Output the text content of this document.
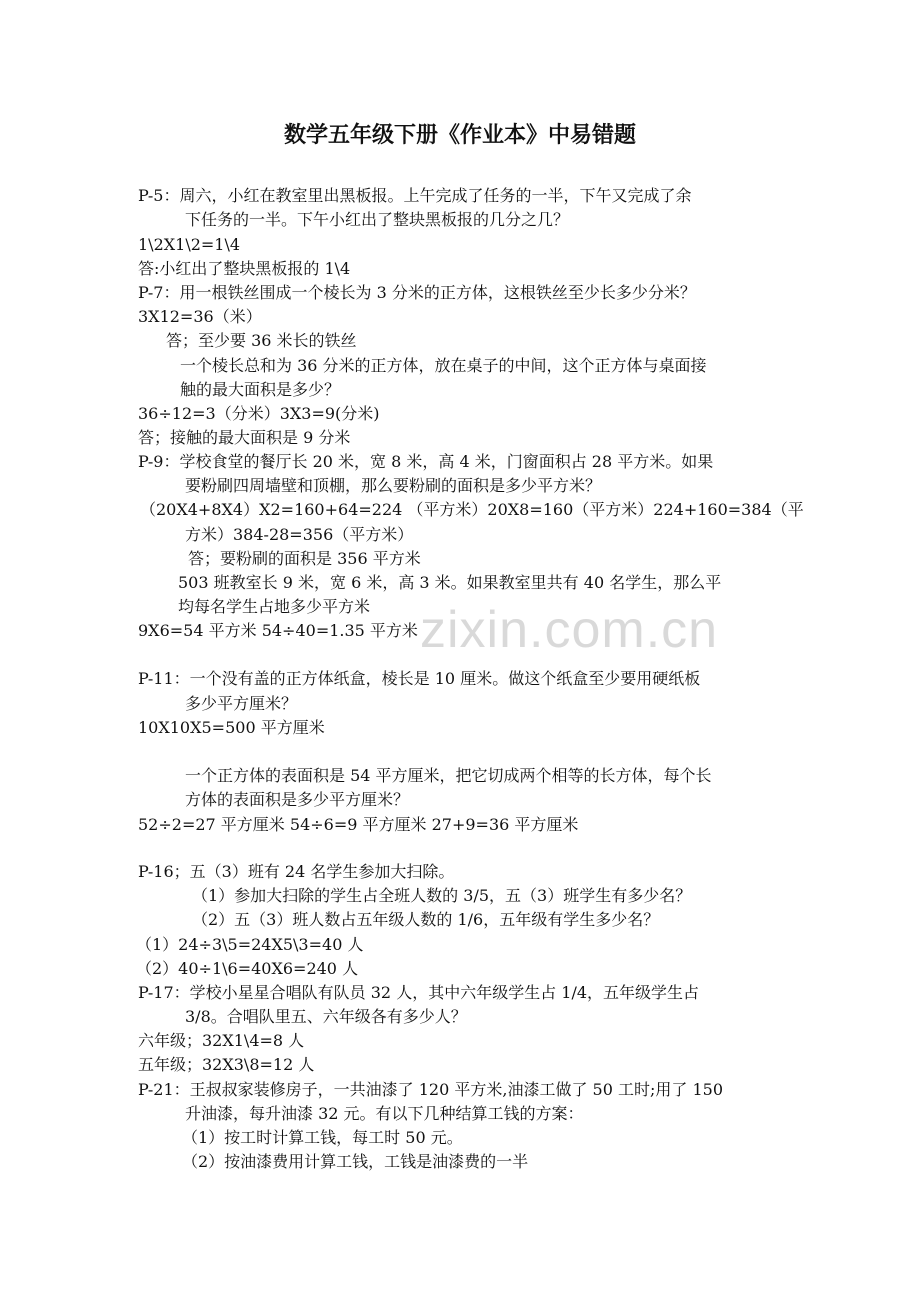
zixin.com.cn
数学五年级下册《作业本》中易错题
P-5：周六，小红在教室里出黑板报。上午完成了任务的一半，下午又完成了余
下任务的一半。下午小红出了整块黑板报的几分之几？
1\2X1\2=1\4
答:小红出了整块黑板报的 1\4
P-7：用一根铁丝围成一个棱长为 3 分米的正方体，这根铁丝至少长多少分米？
3X12=36（米）
答；至少要 36 米长的铁丝
一个棱长总和为 36 分米的正方体，放在桌子的中间，这个正方体与桌面接
触的最大面积是多少？
36÷12=3（分米）3X3=9(分米)
答；接触的最大面积是 9 分米
P-9：学校食堂的餐厅长 20 米，宽 8 米，高 4 米，门窗面积占 28 平方米。如果
要粉刷四周墙壁和顶棚，那么要粉刷的面积是多少平方米？
（20X4+8X4）X2=160+64=224 （平方米）20X8=160（平方米）224+160=384（平
方米）384-28=356（平方米）
答；要粉刷的面积是 356 平方米
503 班教室长 9 米，宽 6 米，高 3 米。如果教室里共有 40 名学生，那么平
均每名学生占地多少平方米
9X6=54 平方米 54÷40=1.35 平方米
P-11：一个没有盖的正方体纸盒，棱长是 10 厘米。做这个纸盒至少要用硬纸板
多少平方厘米？
10X10X5=500 平方厘米
一个正方体的表面积是 54 平方厘米，把它切成两个相等的长方体，每个长
方体的表面积是多少平方厘米？
52÷2=27 平方厘米 54÷6=9 平方厘米 27+9=36 平方厘米
P-16；五（3）班有 24 名学生参加大扫除。
（1）参加大扫除的学生占全班人数的 3/5，五（3）班学生有多少名？
（2）五（3）班人数占五年级人数的 1/6，五年级有学生多少名？
（1）24÷3\5=24X5\3=40 人
（2）40÷1\6=40X6=240 人
P-17：学校小星星合唱队有队员 32 人，其中六年级学生占 1/4，五年级学生占
3/8。合唱队里五、六年级各有多少人？
六年级；32X1\4=8 人
五年级；32X3\8=12 人
P-21：王叔叔家装修房子，一共油漆了 120 平方米,油漆工做了 50 工时;用了 150
升油漆，每升油漆 32 元。有以下几种结算工钱的方案：
（1）按工时计算工钱，每工时 50 元。
（2）按油漆费用计算工钱，工钱是油漆费的一半
